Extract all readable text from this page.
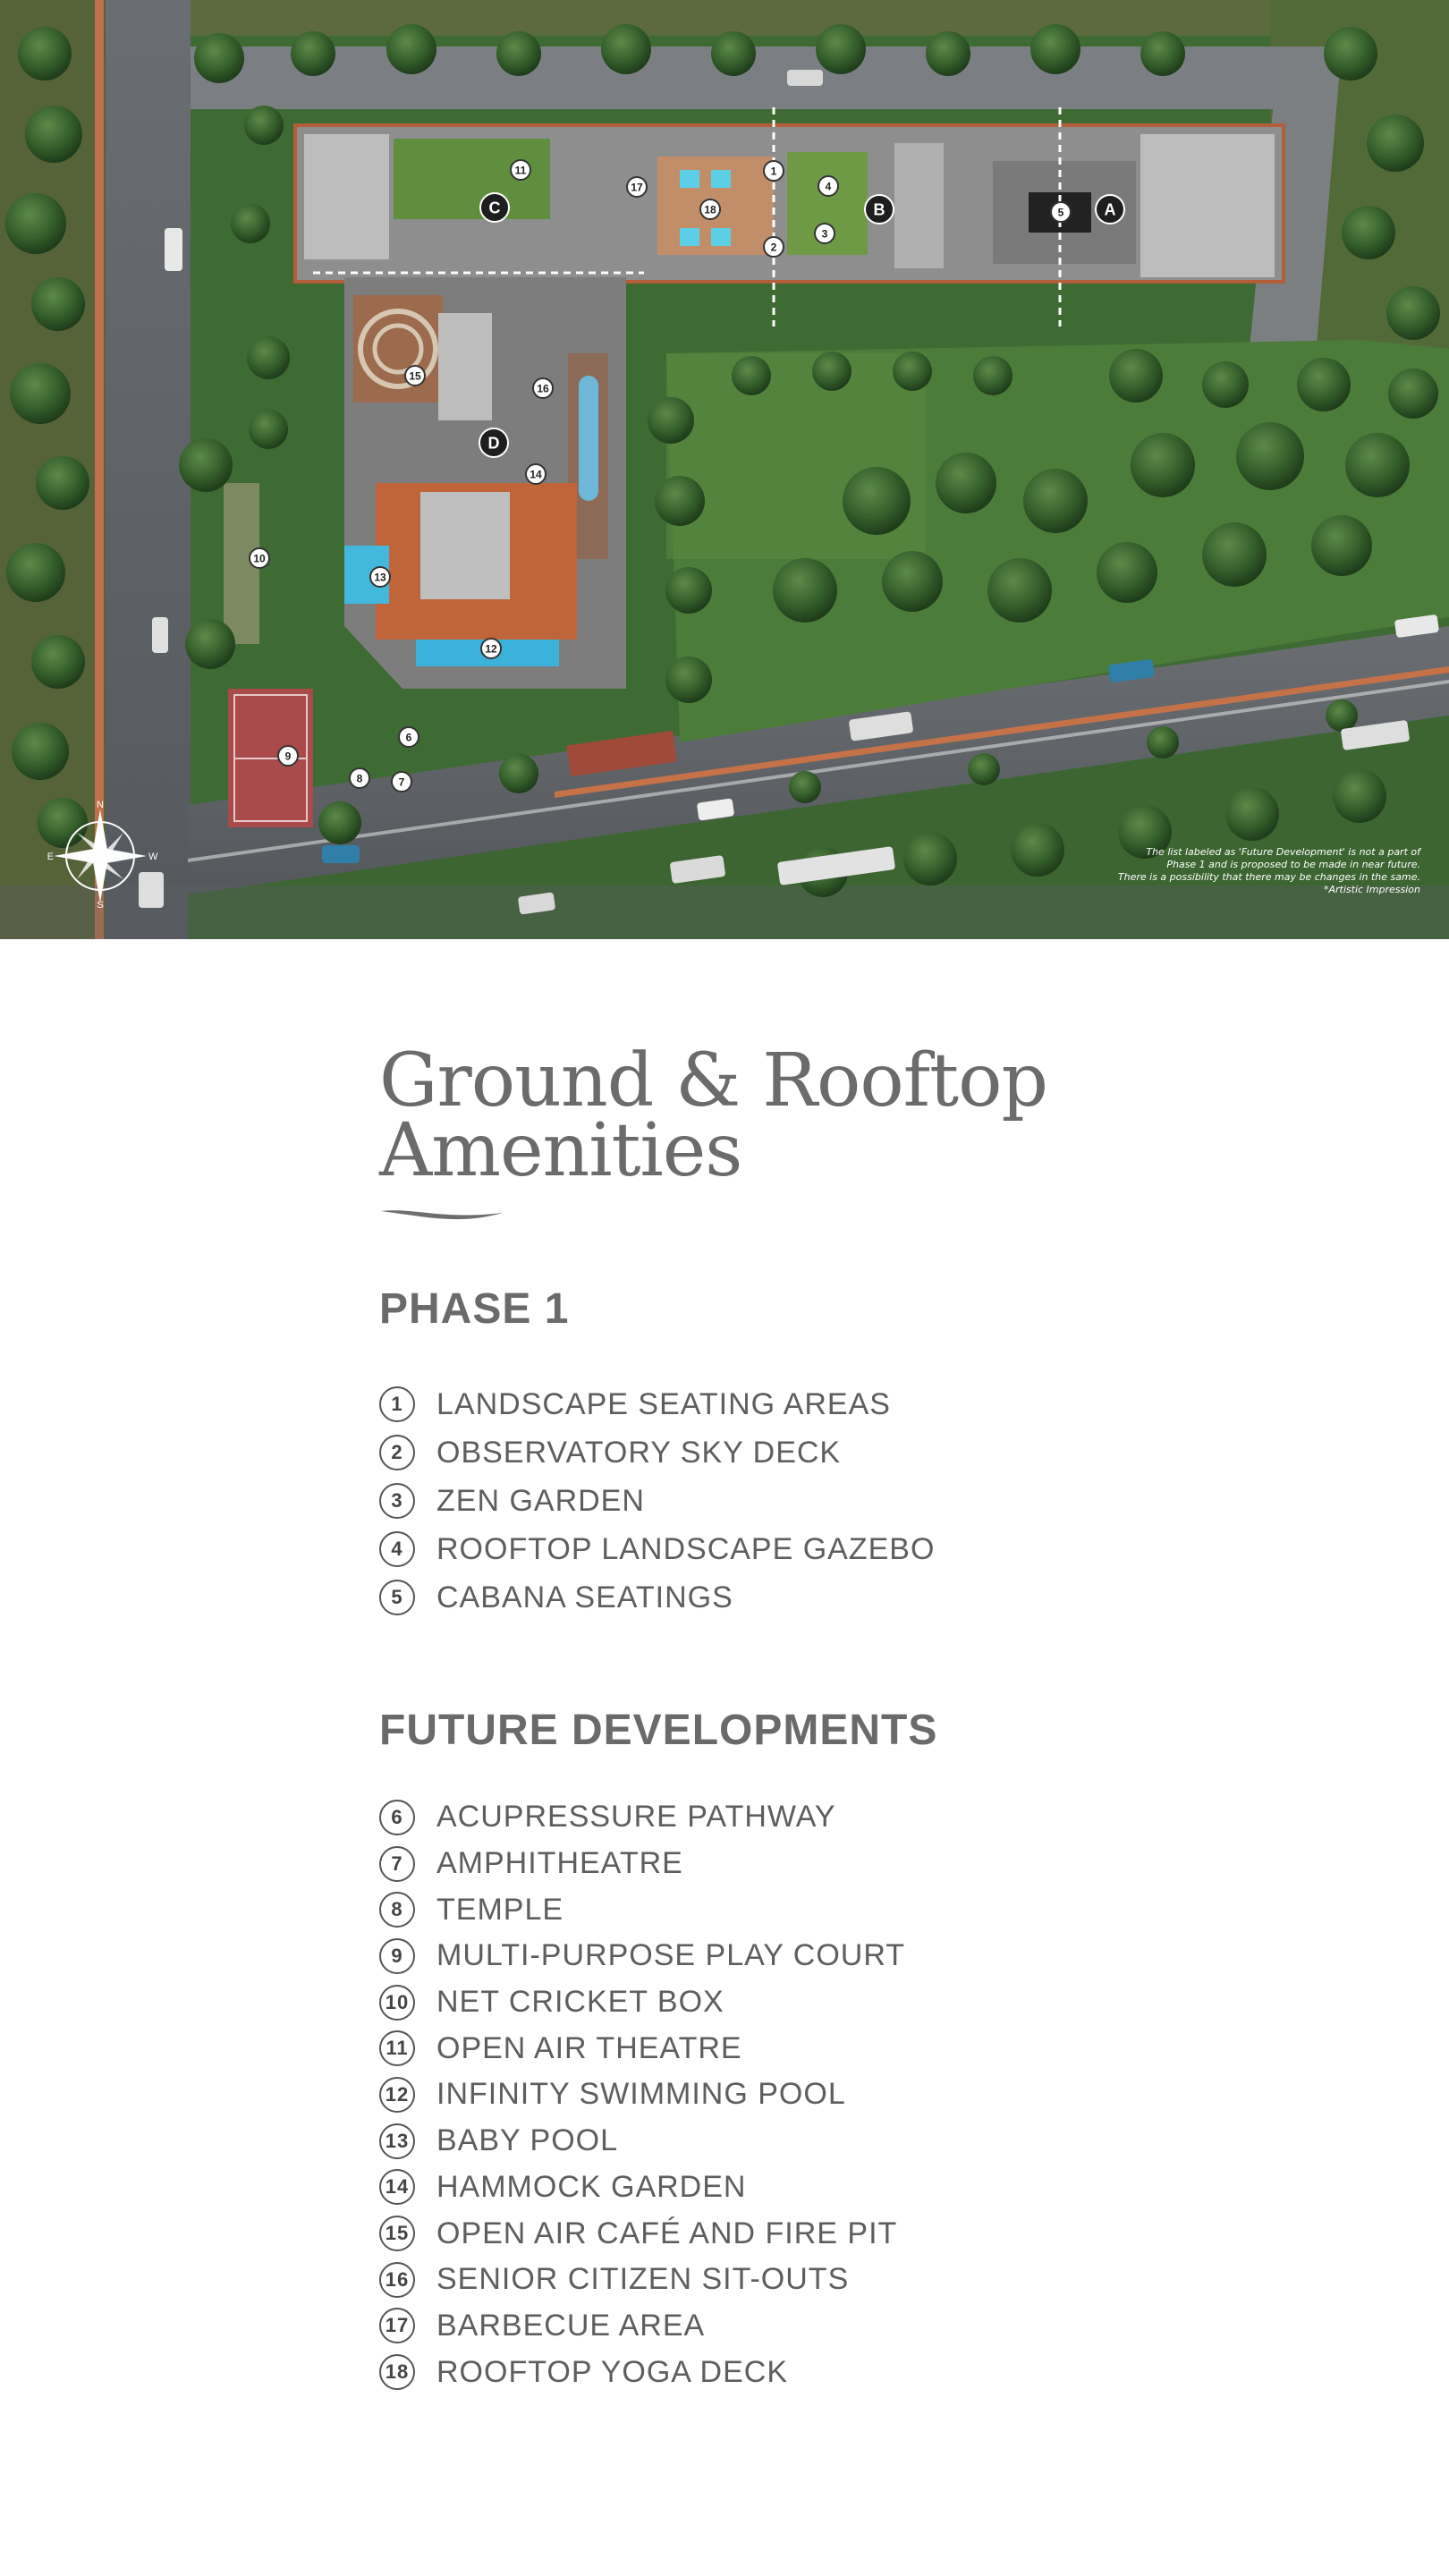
N
S
E	W
1
2
3
4
5
6
7
8
9
10
11
12
13
14
15
16
17
18	A
B
C
D
The list labeled as 'Future Development' is not a part of
Phase 1 and is proposed to be made in near future.
There is a possibility that there may be changes in the same.
*Artistic Impression
Ground & Rooftop
Amenities
PHASE 1
1	LANDSCAPE SEATING AREAS
2	OBSERVATORY SKY DECK
3	ZEN GARDEN
4	ROOFTOP LANDSCAPE GAZEBO
5	CABANA SEATINGS
FUTURE DEVELOPMENTS
6	ACUPRESSURE PATHWAY
7	AMPHITHEATRE
8	TEMPLE
9	MULTI-PURPOSE PLAY COURT
10 NET CRICKET BOX
11 OPEN AIR THEATRE
12 INFINITY SWIMMING POOL
13 BABY POOL
14 HAMMOCK GARDEN
15 OPEN AIR CAFÉ AND FIRE PIT
16 SENIOR CITIZEN SIT-OUTS
17 BARBECUE AREA
18 ROOFTOP YOGA DECK
